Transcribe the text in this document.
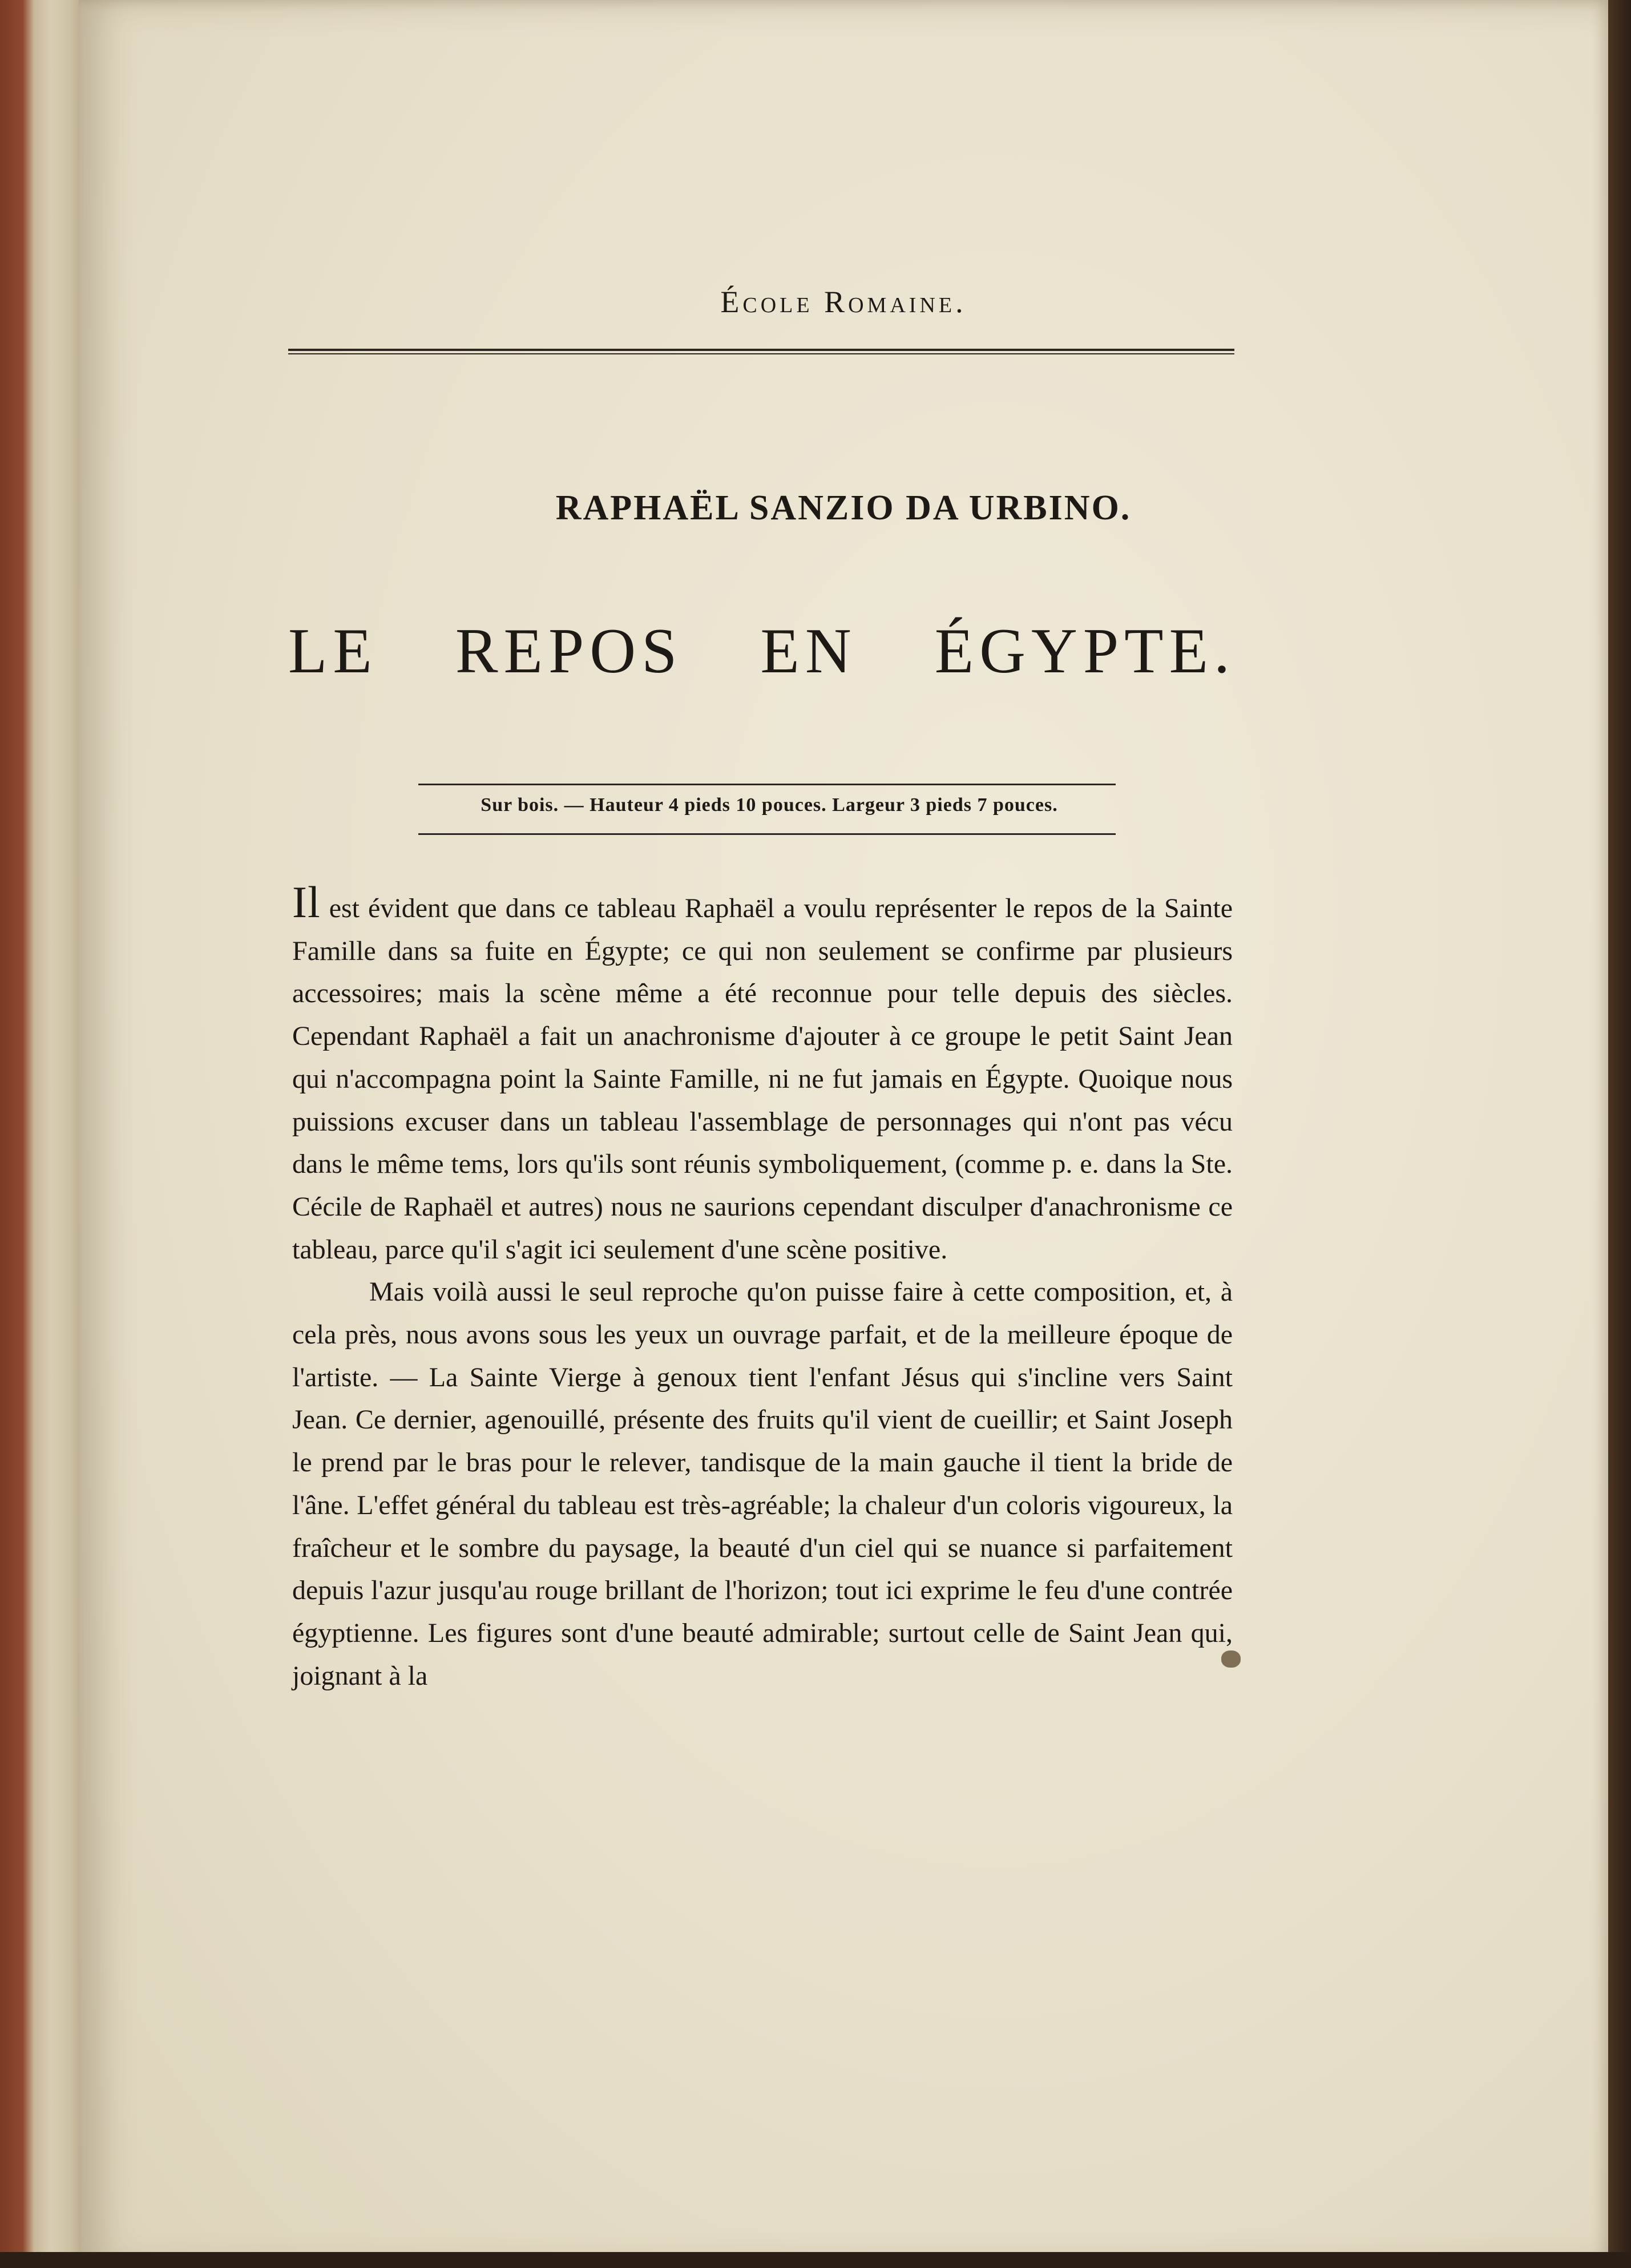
École Romaine.
RAPHAËL SANZIO DA URBINO.
LE REPOS EN ÉGYPTE.
Sur bois. — Hauteur 4 pieds 10 pouces. Largeur 3 pieds 7 pouces.

Il est évident que dans ce tableau Raphaël a voulu représenter le repos de la Sainte Famille dans sa fuite en Égypte; ce qui non seulement se confirme par plusieurs accessoires; mais la scène même a été reconnue pour telle depuis des siècles. Cependant Raphaël a fait un anachronisme d'ajouter à ce groupe le petit Saint Jean qui n'accompagna point la Sainte Famille, ni ne fut jamais en Égypte. Quoique nous puissions excuser dans un tableau l'assemblage de personnages qui n'ont pas vécu dans le même tems, lors qu'ils sont réunis symboliquement, (comme p. e. dans la Ste. Cécile de Raphaël et autres) nous ne saurions cependant disculper d'anachronisme ce tableau, parce qu'il s'agit ici seulement d'une scène positive.

Mais voilà aussi le seul reproche qu'on puisse faire à cette composition, et, à cela près, nous avons sous les yeux un ouvrage parfait, et de la meilleure époque de l'artiste. — La Sainte Vierge à genoux tient l'enfant Jésus qui s'incline vers Saint Jean. Ce dernier, agenouillé, présente des fruits qu'il vient de cueillir; et Saint Joseph le prend par le bras pour le relever, tandisque de la main gauche il tient la bride de l'âne. L'effet général du tableau est très-agréable; la chaleur d'un coloris vigoureux, la fraîcheur et le sombre du paysage, la beauté d'un ciel qui se nuance si parfaitement depuis l'azur jusqu'au rouge brillant de l'horizon; tout ici exprime le feu d'une contrée égyptienne. Les figures sont d'une beauté admirable; surtout celle de Saint Jean qui, joignant à la
